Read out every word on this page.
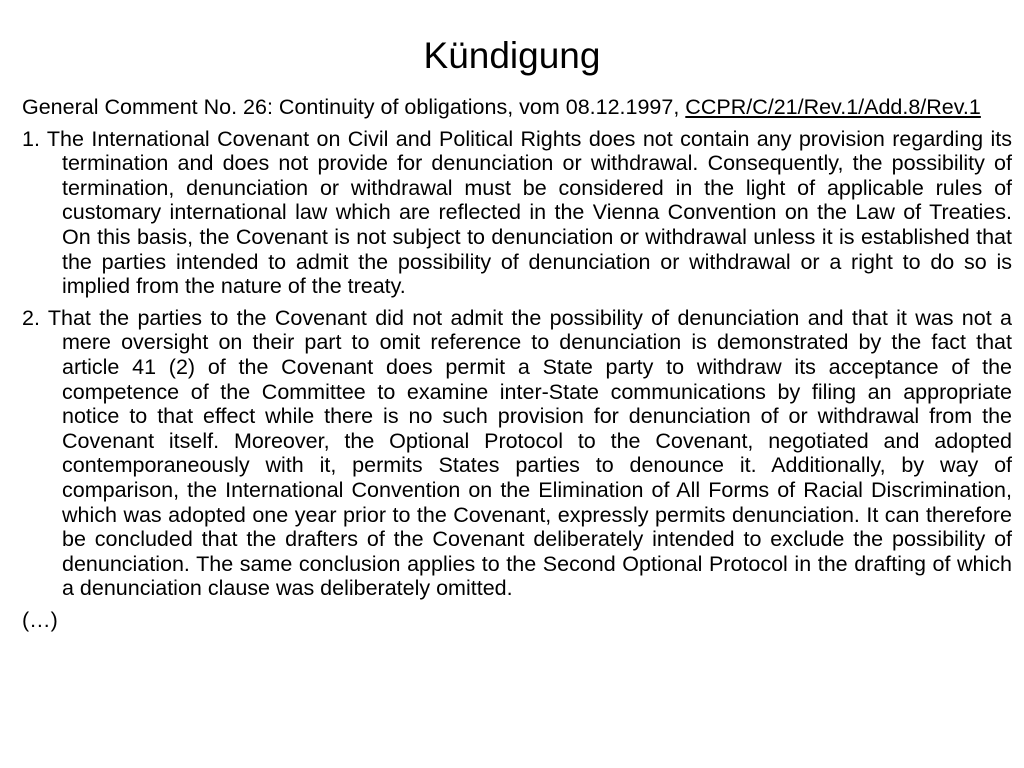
Kündigung

General Comment No. 26: Continuity of obligations, vom 08.12.1997, CCPR/C/21/Rev.1/Add.8/Rev.1

1. The International Covenant on Civil and Political Rights does not contain any provision regarding its termination and does not provide for denunciation or withdrawal. Consequently, the possibility of termination, denunciation or withdrawal must be considered in the light of applicable rules of customary international law which are reflected in the Vienna Convention on the Law of Treaties. On this basis, the Covenant is not subject to denunciation or withdrawal unless it is established that the parties intended to admit the possibility of denunciation or withdrawal or a right to do so is implied from the nature of the treaty.

2. That the parties to the Covenant did not admit the possibility of denunciation and that it was not a mere oversight on their part to omit reference to denunciation is demonstrated by the fact that article 41 (2) of the Covenant does permit a State party to withdraw its acceptance of the competence of the Committee to examine inter-State communications by filing an appropriate notice to that effect while there is no such provision for denunciation of or withdrawal from the Covenant itself. Moreover, the Optional Protocol to the Covenant, negotiated and adopted contemporaneously with it, permits States parties to denounce it. Additionally, by way of comparison, the International Convention on the Elimination of All Forms of Racial Discrimination, which was adopted one year prior to the Covenant, expressly permits denunciation. It can therefore be concluded that the drafters of the Covenant deliberately intended to exclude the possibility of denunciation. The same conclusion applies to the Second Optional Protocol in the drafting of which a denunciation clause was deliberately omitted.

(…)
